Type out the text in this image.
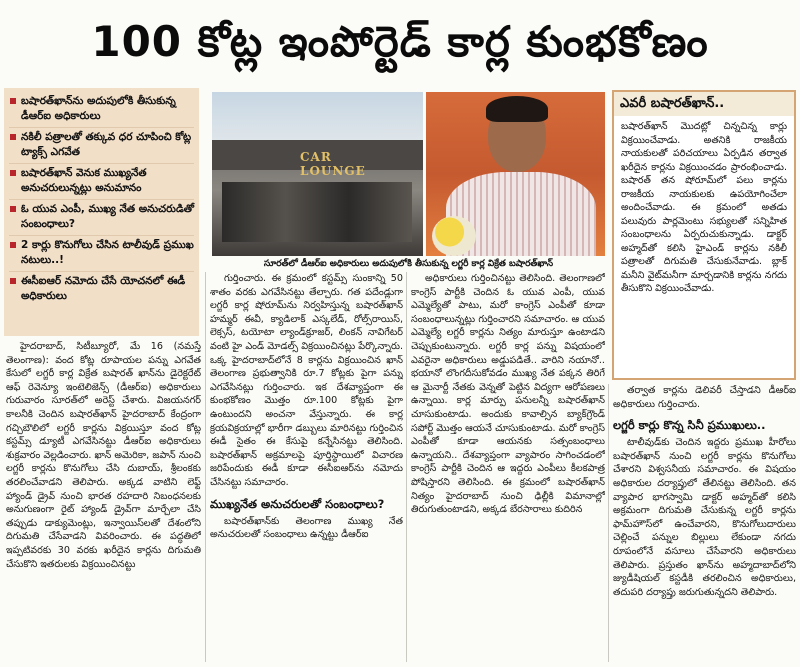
100 కోట్ల ఇంపోర్టెడ్ కార్ల కుంభకోణం
బషారత్‌ఖాన్‌ను అదుపులోకి తీసుకున్న డీఆర్‌ఐ అధికారులు
నకిలీ పత్రాలతో తక్కువ ధర చూపించి కోట్ల ట్యాక్స్ ఎగవేత
బషారత్‌ఖాన్ వెనుక ముఖ్యనేత అనుచరులున్నట్లు అనుమానం
ఓ యువ ఎంపీ, ముఖ్య నేత అనుచరుడితో సంబంధాలు?
2 కార్లు కొనుగోలు చేసిన టాలీవుడ్ ప్రముఖ నటులు..!
ఈసీఐఆర్ నమోదు చేసే యోచనలో ఈడీ అధికారులు
CAR LOUNGE
సూరత్‌లో డీఆర్‌ఐ అధికారులు అదుపులోకి తీసుకున్న లగ్జరీ కార్ల విక్రేత బషారత్‌ఖాన్
ఎవరీ బషారత్‌ఖాన్..
బషారత్‌ఖాన్ మొదట్లో చిన్నచిన్న కార్లు విక్రయించేవాడు. అతనికి రాజకీయ నాయకులతో పరిచయాలు ఏర్పడిన తర్వాత ఖరీదైన కార్లను విక్రయించడం ప్రారంభించాడు. బషారత్ తన షోరూమ్‌లో పలు కార్లను రాజకీయ నాయకులకు ఉపయోగించేలా అందించేవాడు. ఈ క్రమంలో అతడు పలువురు పార్లమెంటు సభ్యులతో సన్నిహిత సంబంధాలను ఏర్పరుచుకున్నాడు. డాక్టర్ అహ్మద్‌తో కలిసి హైఎండ్ కార్లను నకిలీ పత్రాలతో దిగుమతి చేసుకునేవాడు. బ్లాక్ మనీని వైట్‌మనీగా మార్చడానికి కార్లను నగదు తీసుకొని విక్రయించేవాడు.

హైదరాబాద్, సిటీబ్యూరో, మే 16 (నమస్తే తెలంగాణ): వంద కోట్ల రూపాయల పన్ను ఎగవేత కేసులో లగ్జరీ కార్ల విక్రేత బషారత్ ఖాన్‌ను డైరెక్టరేట్ ఆఫ్ రెవెన్యూ ఇంటెలిజెన్స్ (డీఆర్‌ఐ) అధికారులు గురువారం సూరత్‌లో అరెస్ట్ చేశారు. విజయనగర్ కాలనీకి చెందిన బషారత్‌ఖాన్ హైదరాబాద్ కేంద్రంగా గచ్చిబౌలిలో లగ్జరీ కార్లను విక్రయిస్తూ వంద కోట్ల కస్టమ్స్ డ్యూటీ ఎగవేసినట్టు డీఆర్‌ఐ అధికారులు శుక్రవారం వెల్లడించారు. ఖాన్ అమెరికా, జపాన్ నుంచి లగ్జరీ కార్లను కొనుగోలు చేసి దుబాయ్, శ్రీలంకకు తరలించేవాడని తెలిపారు. అక్కడ వాటిని లెఫ్ట్ హ్యాండ్ డ్రైవ్ నుంచి భారత రహదారి నిబంధనలకు అనుగుణంగా రైట్ హ్యాండ్ డ్రైవ్‌గా మార్చేలా చేసి తప్పుడు డాక్యుమెంట్లు, ఇన్వాయిస్‌లతో దేశంలోని దిగుమతి చేసేవాడని వివరించారు. ఈ పద్ధతిలో ఇప్పటివరకు 30 వరకు ఖరీదైన కార్లను దిగుమతి చేసుకొని ఇతరులకు విక్రయించినట్టు

గుర్తించారు. ఈ క్రమంలో కస్టమ్స్ సుంకాన్ని 50 శాతం వరకు ఎగవేసినట్టు తేల్చారు. గత పదేండ్లుగా లగ్జరీ కార్ల షోరూమ్‌ను నిర్వహిస్తున్న బషారత్‌ఖాన్ హమ్మర్ ఈవీ, క్యాడిలాక్ ఎస్కలేడ్, రోల్స్‌రాయిస్, లెక్సస్, టయోటా ల్యాండ్‌క్రూజర్, లింకన్ నావిగేటర్ వంటి హై ఎండ్ మోడల్స్ విక్రయించినట్లు పేర్కొన్నారు. ఒక్క హైదరాబాద్‌లోనే 8 కార్లను విక్రయించిన ఖాన్ తెలంగాణ ప్రభుత్వానికి రూ.7 కోట్లకు పైగా పన్ను ఎగవేసినట్లు గుర్తించారు. ఇక దేశవ్యాప్తంగా ఈ కుంభకోణం మొత్తం రూ.100 కోట్లకు పైగా ఉంటుందని అంచనా వేస్తున్నారు. ఈ కార్ల క్రయవిక్రయాల్లో భారీగా డబ్బులు మారినట్టు గుర్తించిన ఈడీ సైతం ఈ కేసుపై కన్నేసినట్టు తెలిసింది. బషారత్‌ఖాన్ అక్రమాలపై పూర్తిస్థాయిలో విచారణ జరిపేందుకు ఈడీ కూడా ఈసీఐఆర్‌ను నమోదు చేసినట్టు సమాచారం.

ముఖ్యనేత అనుచరులతో సంబంధాలు?

బషారత్‌ఖాన్‌కు తెలంగాణ ముఖ్య నేత అనుచరులతో సంబంధాలు ఉన్నట్టు డీఆర్‌ఐ

అధికారులు గుర్తించినట్టు తెలిసింది. తెలంగాణలో కాంగ్రెస్ పార్టీకి చెందిన ఓ యువ ఎంపీ, యువ ఎమ్మెల్యేతో పాటు, మరో కాంగ్రెస్ ఎంపీతో కూడా సంబంధాలున్నట్లు గుర్తించారని సమాచారం. ఆ యువ ఎమ్మెల్యే లగ్జరీ కార్లను నిత్యం మారుస్తూ ఉంటాడని చెప్పుకుంటున్నారు. లగ్జరీ కార్ల పన్ను విషయంలో ఎవరైనా అధికారులు అడ్డుపడితే.. వారిని నయానో.. భయానో లొంగదీసుకోవడం ముఖ్య నేత పక్కన తిరిగే ఆ మైనార్టీ నేతకు వెన్నతో పెట్టిన విద్యగా ఆరోపణలు ఉన్నాయి. కార్ల మార్పు పనులన్నీ బషారత్‌ఖాన్ చూసుకుంటాడు. అందుకు కావాల్సిన బ్యాక్‌గ్రౌండ్ సపోర్ట్ మొత్తం ఆయనే చూసుకుంటాడు. మరో కాంగ్రెస్ ఎంపీతో కూడా ఆయనకు సత్సంబంధాలు ఉన్నాయని.. దేశవ్యాప్తంగా వ్యాపారం సాగించడంలో కాంగ్రెస్ పార్టీకి చెందిన ఆ ఇద్దరు ఎంపీలు కీలకపాత్ర పోషిస్తారని తెలిసింది. ఈ క్రమంలో బషారత్‌ఖాన్ నిత్యం హైదరాబాద్ నుంచి ఢిల్లీకి విమానాల్లో తిరుగుతుంటాడని, అక్కడ బేరసారాలు కుదిరిన

తర్వాత కార్లను డెలివరీ చేస్తాడని డీఆర్‌ఐ అధికారులు గుర్తించారు.

లగ్జరీ కార్లు కొన్న సినీ ప్రముఖులు..

టాలీవుడ్‌కు చెందిన ఇద్దరు ప్రముఖ హీరోలు బషారత్‌ఖాన్ నుంచి లగ్జరీ కార్లను కొనుగోలు చేశారని విశ్వసనీయ సమాచారం. ఈ విషయం అధికారుల దర్యాప్తులో తేలినట్టు తెలిసింది. తన వ్యాపార భాగస్వామి డాక్టర్ అహ్మద్‌తో కలిసి అక్రమంగా దిగుమతి చేసుకున్న లగ్జరీ కార్లను ఫామ్‌హౌస్‌లో ఉంచేవారని, కొనుగోలుదారులు చెల్లించే పన్నుల బిల్లులు లేకుండా నగదు రూపంలోనే వసూలు చేసేవారని అధికారులు తెలిపారు. ప్రస్తుతం ఖాన్‌ను అహ్మదాబాద్‌లోని జ్యుడీషియల్ కస్టడీకి తరలించిన అధికారులు, తదుపరి దర్యాప్తు జరుగుతున్నదని తెలిపారు.
